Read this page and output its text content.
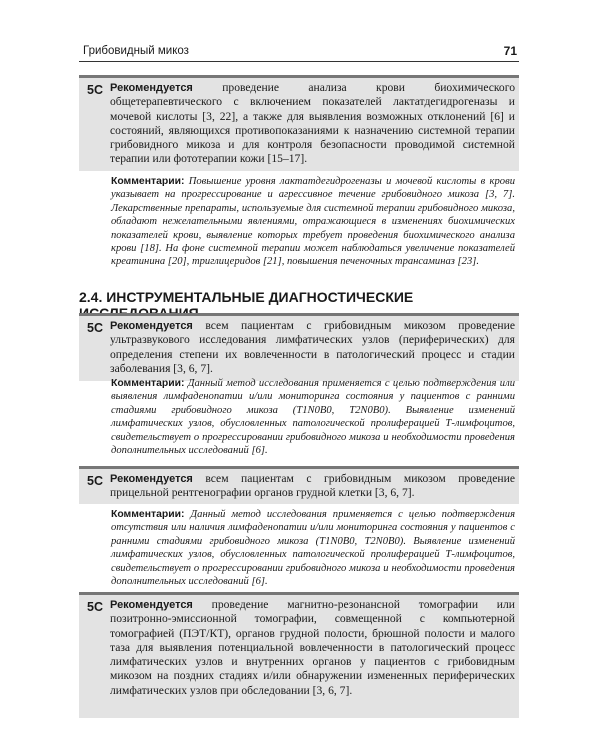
Грибовидный микоз	71
5C Рекомендуется проведение анализа крови биохимического общетерапевтического с включением показателей лактатдегидрогеназы и мочевой кислоты [3, 22], а также для выявления возможных отклонений [6] и состояний, являющихся противопоказаниями к назначению системной терапии грибовидного микоза и для контроля безопасности проводимой системной терапии или фототерапии кожи [15–17].

Комментарии: Повышение уровня лактатдегидрогеназы и мочевой кислоты в крови указывает на прогрессирование и агрессивное течение грибовидного микоза [3, 7]. Лекарственные препараты, используемые для системной терапии грибовидного микоза, обладают нежелательными явлениями, отражающиеся в изменениях биохимических показателей крови, выявление которых требует проведения биохимического анализа крови [18]. На фоне системной терапии может наблюдаться увеличение показателей креатинина [20], триглицеридов [21], повышения печеночных трансаминаз [23].

2.4. ИНСТРУМЕНТАЛЬНЫЕ ДИАГНОСТИЧЕСКИЕ
5C Рекомендуется всем пациентам с грибовидным микозом проведение ультразвукового исследования лимфатических узлов (периферических) для определения степени их вовлеченности в патологический процесс и стадии заболевания [3, 6, 7].

Комментарии: Данный метод исследования применяется с целью подтверждения или выявления лимфаденопатии и/или мониторинга состояния у пациентов с ранними стадиями грибовидного микоза (T1N0B0, T2N0B0). Выявление изменений лимфатических узлов, обусловленных патологической пролиферацией Т-лимфоцитов, свидетельствует о прогрессировании грибовидного микоза и необходимости проведения дополнительных исследований [6].

5C Рекомендуется всем пациентам с грибовидным микозом проведение прицельной рентгенографии органов грудной клетки [3, 6, 7].

Комментарии: Данный метод исследования применяется с целью подтверждения отсутствия или наличия лимфаденопатии и/или мониторинга состояния у пациентов с ранними стадиями грибовидного микоза (T1N0B0, T2N0B0). Выявление изменений лимфатических узлов, обусловленных патологической пролиферацией Т-лимфоцитов, свидетельствует о прогрессировании грибовидного микоза и необходимости проведения дополнительных исследований [6].

5C Рекомендуется проведение магнитно-резонансной томографии или позитронно-эмиссионной томографии, совмещенной с компьютерной томографией (ПЭТ/КТ), органов грудной полости, брюшной полости и малого таза для выявления потенциальной вовлеченности в патологический процесс лимфатических узлов и внутренних органов у пациентов с грибовидным микозом на поздних стадиях и/или обнаружении измененных периферических лимфатических узлов при обследовании [3, 6, 7].
